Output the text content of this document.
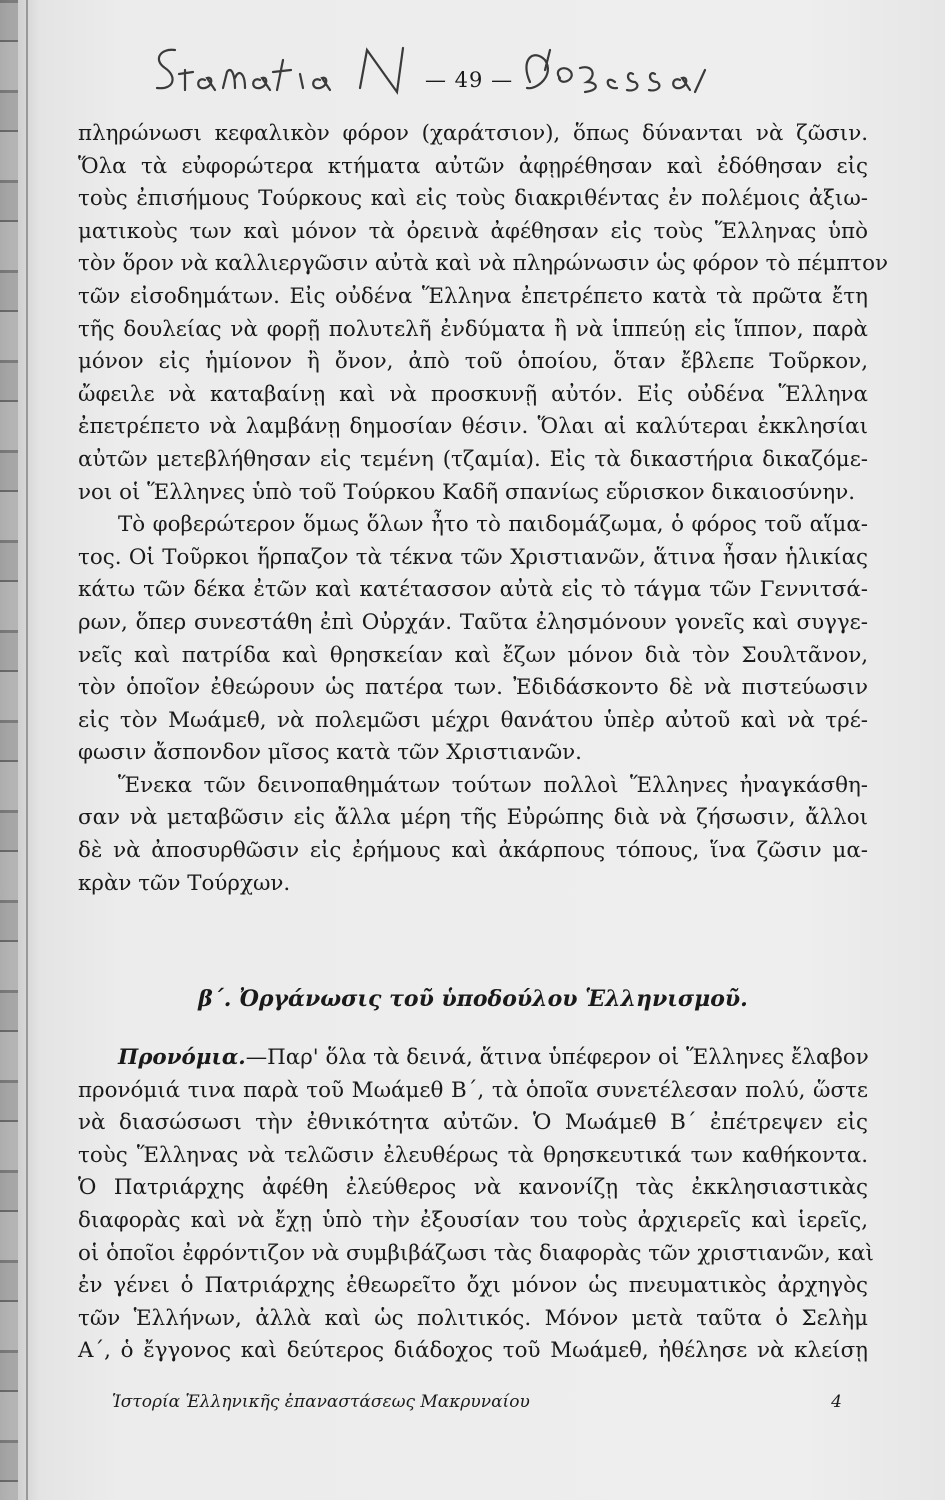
— 49 —
πληρώνωσι κεφαλικὸν φόρον (χαράτσιον), ὅπως δύνανται νὰ ζῶσιν.
Ὅλα τὰ εὐφορώτερα κτήματα αὐτῶν ἀφῃρέθησαν καὶ ἐδόθησαν εἰς
τοὺς ἐπισήμους Τούρκους καὶ εἰς τοὺς διακριθέντας ἐν πολέμοις ἀξιω-
ματικοὺς των καὶ μόνον τὰ ὀρεινὰ ἀφέθησαν εἰς τοὺς Ἕλληνας ὑπὸ
τὸν ὅρον νὰ καλλιεργῶσιν αὐτὰ καὶ νὰ πληρώνωσιν ὡς φόρον τὸ πέμπτον
τῶν εἰσοδημάτων. Εἰς οὐδένα Ἕλληνα ἐπετρέπετο κατὰ τὰ πρῶτα ἔτη
τῆς δουλείας νὰ φορῇ πολυτελῆ ἐνδύματα ἢ νὰ ἱππεύῃ εἰς ἵππον, παρὰ
μόνον εἰς ἡμίονον ἢ ὄνον, ἀπὸ τοῦ ὁποίου, ὅταν ἔβλεπε Τοῦρκον,
ὤφειλε νὰ καταβαίνῃ καὶ νὰ προσκυνῇ αὐτόν. Εἰς οὐδένα Ἕλληνα
ἐπετρέπετο νὰ λαμβάνῃ δημοσίαν θέσιν. Ὅλαι αἱ καλύτεραι ἐκκλησίαι
αὐτῶν μετεβλήθησαν εἰς τεμένη (τζαμία). Εἰς τὰ δικαστήρια δικαζόμε-
νοι οἱ Ἕλληνες ὑπὸ τοῦ Τούρκου Καδῆ σπανίως εὕρισκον δικαιοσύνην.
Τὸ φοβερώτερον ὅμως ὅλων ἦτο τὸ παιδομάζωμα, ὁ φόρος τοῦ αἵμα-
τος. Οἱ Τοῦρκοι ἥρπαζον τὰ τέκνα τῶν Χριστιανῶν, ἅτινα ἦσαν ἡλικίας
κάτω τῶν δέκα ἐτῶν καὶ κατέτασσον αὐτὰ εἰς τὸ τάγμα τῶν Γεννιτσά-
ρων, ὅπερ συνεστάθη ἐπὶ Οὐρχάν. Ταῦτα ἐλησμόνουν γονεῖς καὶ συγγε-
νεῖς καὶ πατρίδα καὶ θρησκείαν καὶ ἔζων μόνον διὰ τὸν Σουλτᾶνον,
τὸν ὁποῖον ἐθεώρουν ὡς πατέρα των. Ἐδιδάσκοντο δὲ νὰ πιστεύωσιν
εἰς τὸν Μωάμεθ, νὰ πολεμῶσι μέχρι θανάτου ὑπὲρ αὐτοῦ καὶ νὰ τρέ-
φωσιν ἄσπονδον μῖσος κατὰ τῶν Χριστιανῶν.
Ἕνεκα τῶν δεινοπαθημάτων τούτων πολλοὶ Ἕλληνες ἠναγκάσθη-
σαν νὰ μεταβῶσιν εἰς ἄλλα μέρη τῆς Εὐρώπης διὰ νὰ ζήσωσιν, ἄλλοι
δὲ νὰ ἀποσυρθῶσιν εἰς ἐρήμους καὶ ἀκάρπους τόπους, ἵνα ζῶσιν μα-
κρὰν τῶν Τούρχων.
β΄. Ὀργάνωσις τοῦ ὑποδούλου Ἑλληνισμοῦ.
Προνόμια.—Παρ' ὅλα τὰ δεινά, ἅτινα ὑπέφερον οἱ Ἕλληνες ἔλαβον
προνόμιά τινα παρὰ τοῦ Μωάμεθ Β΄, τὰ ὁποῖα συνετέλεσαν πολύ, ὥστε
νὰ διασώσωσι τὴν ἐθνικότητα αὐτῶν. Ὁ Μωάμεθ Β΄ ἐπέτρεψεν εἰς
τοὺς Ἕλληνας νὰ τελῶσιν ἐλευθέρως τὰ θρησκευτικά των καθήκοντα.
Ὁ Πατριάρχης ἀφέθη ἐλεύθερος νὰ κανονίζῃ τὰς ἐκκλησιαστικὰς
διαφορὰς καὶ νὰ ἔχῃ ὑπὸ τὴν ἐξουσίαν του τοὺς ἀρχιερεῖς καὶ ἱερεῖς,
οἱ ὁποῖοι ἐφρόντιζον νὰ συμβιβάζωσι τὰς διαφορὰς τῶν χριστιανῶν, καὶ
ἐν γένει ὁ Πατριάρχης ἐθεωρεῖτο ὄχι μόνον ὡς πνευματικὸς ἀρχηγὸς
τῶν Ἑλλήνων, ἀλλὰ καὶ ὡς πολιτικός. Μόνον μετὰ ταῦτα ὁ Σελὴμ
Α΄, ὁ ἔγγονος καὶ δεύτερος διάδοχος τοῦ Μωάμεθ, ἠθέλησε νὰ κλείσῃ
Ἱστορία Ἑλληνικῆς ἐπαναστάσεως Μακρυναίου	4
